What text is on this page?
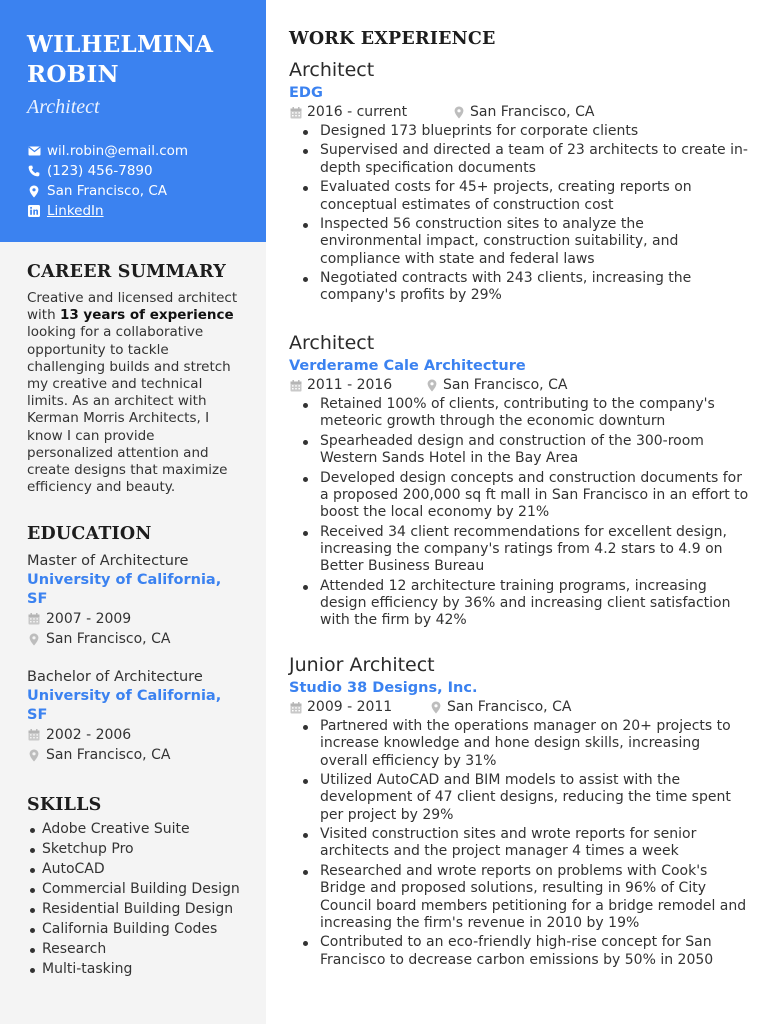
WILHELMINA
ROBIN
Architect
wil.robin@email.com
(123) 456-7890
San Francisco, CA
LinkedIn
CAREER SUMMARY

Creative and licensed architect with 13 years of experience looking for a collaborative opportunity to tackle challenging builds and stretch my creative and technical limits. As an architect with Kerman Morris Architects, I know I can provide personalized attention and create designs that maximize efficiency and beauty.

EDUCATION
Master of Architecture
University of California, SF
2007 - 2009
San Francisco, CA
Bachelor of Architecture
University of California, SF
2002 - 2006
San Francisco, CA
SKILLS
Adobe Creative Suite
Sketchup Pro
AutoCAD
Commercial Building Design
Residential Building Design
California Building Codes
Research
Multi-tasking
WORK EXPERIENCE
Architect
EDG
2016 - current	San Francisco, CA
Designed 173 blueprints for corporate clients
Supervised and directed a team of 23 architects to create in-depth specification documents
Evaluated costs for 45+ projects, creating reports on conceptual estimates of construction cost
Inspected 56 construction sites to analyze the environmental impact, construction suitability, and compliance with state and federal laws
Negotiated contracts with 243 clients, increasing the company's profits by 29%
Architect
Verderame Cale Architecture
2011 - 2016	San Francisco, CA
Retained 100% of clients, contributing to the company's meteoric growth through the economic downturn
Spearheaded design and construction of the 300-room Western Sands Hotel in the Bay Area
Developed design concepts and construction documents for a proposed 200,000 sq ft mall in San Francisco in an effort to boost the local economy by 21%
Received 34 client recommendations for excellent design, increasing the company's ratings from 4.2 stars to 4.9 on Better Business Bureau
Attended 12 architecture training programs, increasing design efficiency by 36% and increasing client satisfaction with the firm by 42%
Junior Architect
Studio 38 Designs, Inc.
2009 - 2011	San Francisco, CA
Partnered with the operations manager on 20+ projects to increase knowledge and hone design skills, increasing overall efficiency by 31%
Utilized AutoCAD and BIM models to assist with the development of 47 client designs, reducing the time spent per project by 29%
Visited construction sites and wrote reports for senior architects and the project manager 4 times a week
Researched and wrote reports on problems with Cook's Bridge and proposed solutions, resulting in 96% of City Council board members petitioning for a bridge remodel and increasing the firm's revenue in 2010 by 19%
Contributed to an eco-friendly high-rise concept for San Francisco to decrease carbon emissions by 50% in 2050
